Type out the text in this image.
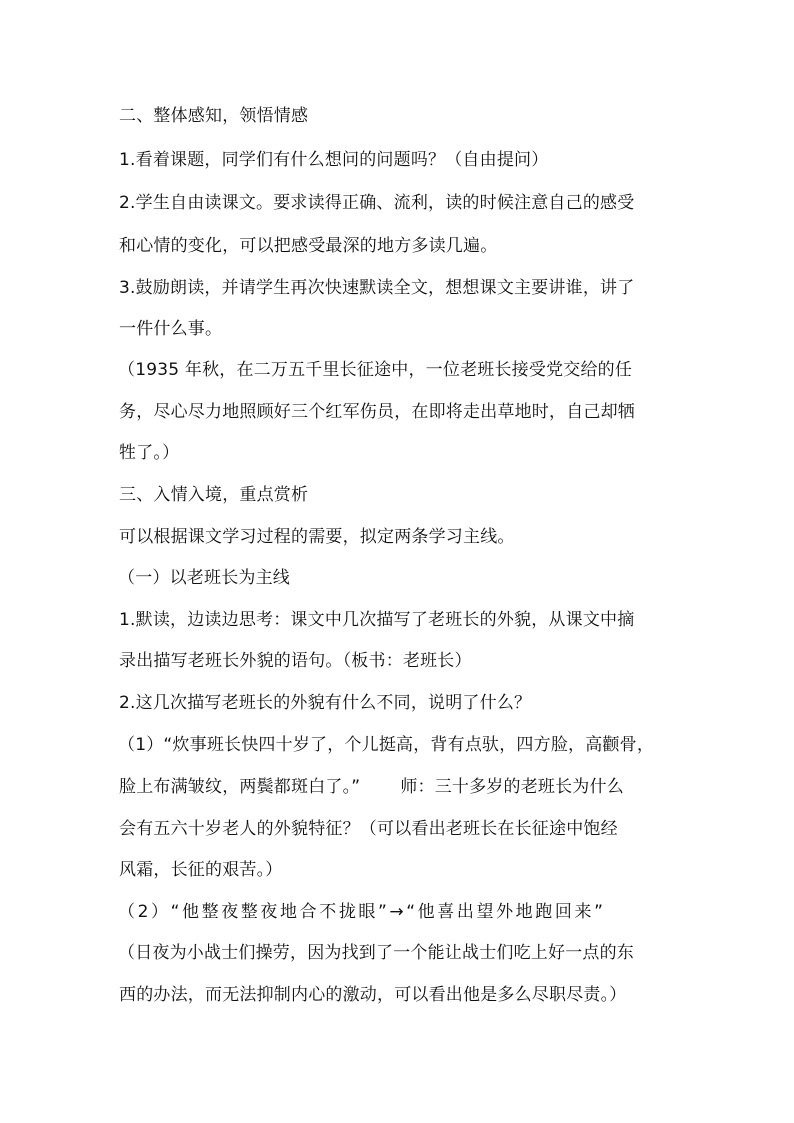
二、整体感知，领悟情感
1.看着课题，同学们有什么想问的问题吗？（自由提问）
2.学生自由读课文。要求读得正确、流利，读的时候注意自己的感受
和心情的变化，可以把感受最深的地方多读几遍。
3.鼓励朗读，并请学生再次快速默读全文，想想课文主要讲谁，讲了
一件什么事。
（1935 年秋，在二万五千里长征途中，一位老班长接受党交给的任
务，尽心尽力地照顾好三个红军伤员，在即将走出草地时，自己却牺
牲了。）
三、入情入境，重点赏析
可以根据课文学习过程的需要，拟定两条学习主线。
（一）以老班长为主线
1.默读，边读边思考：课文中几次描写了老班长的外貌，从课文中摘
录出描写老班长外貌的语句。（板书：老班长）
2.这几次描写老班长的外貌有什么不同，说明了什么？
（1）“炊事班长快四十岁了，个儿挺高，背有点驮，四方脸，高颧骨，
脸上布满皱纹，两鬓都斑白了。” 师：三十多岁的老班长为什么
会有五六十岁老人的外貌特征？（可以看出老班长在长征途中饱经
风霜，长征的艰苦。）
（2）“他整夜整夜地合不拢眼”→“他喜出望外地跑回来”
（日夜为小战士们操劳，因为找到了一个能让战士们吃上好一点的东
西的办法，而无法抑制内心的激动，可以看出他是多么尽职尽责。）
